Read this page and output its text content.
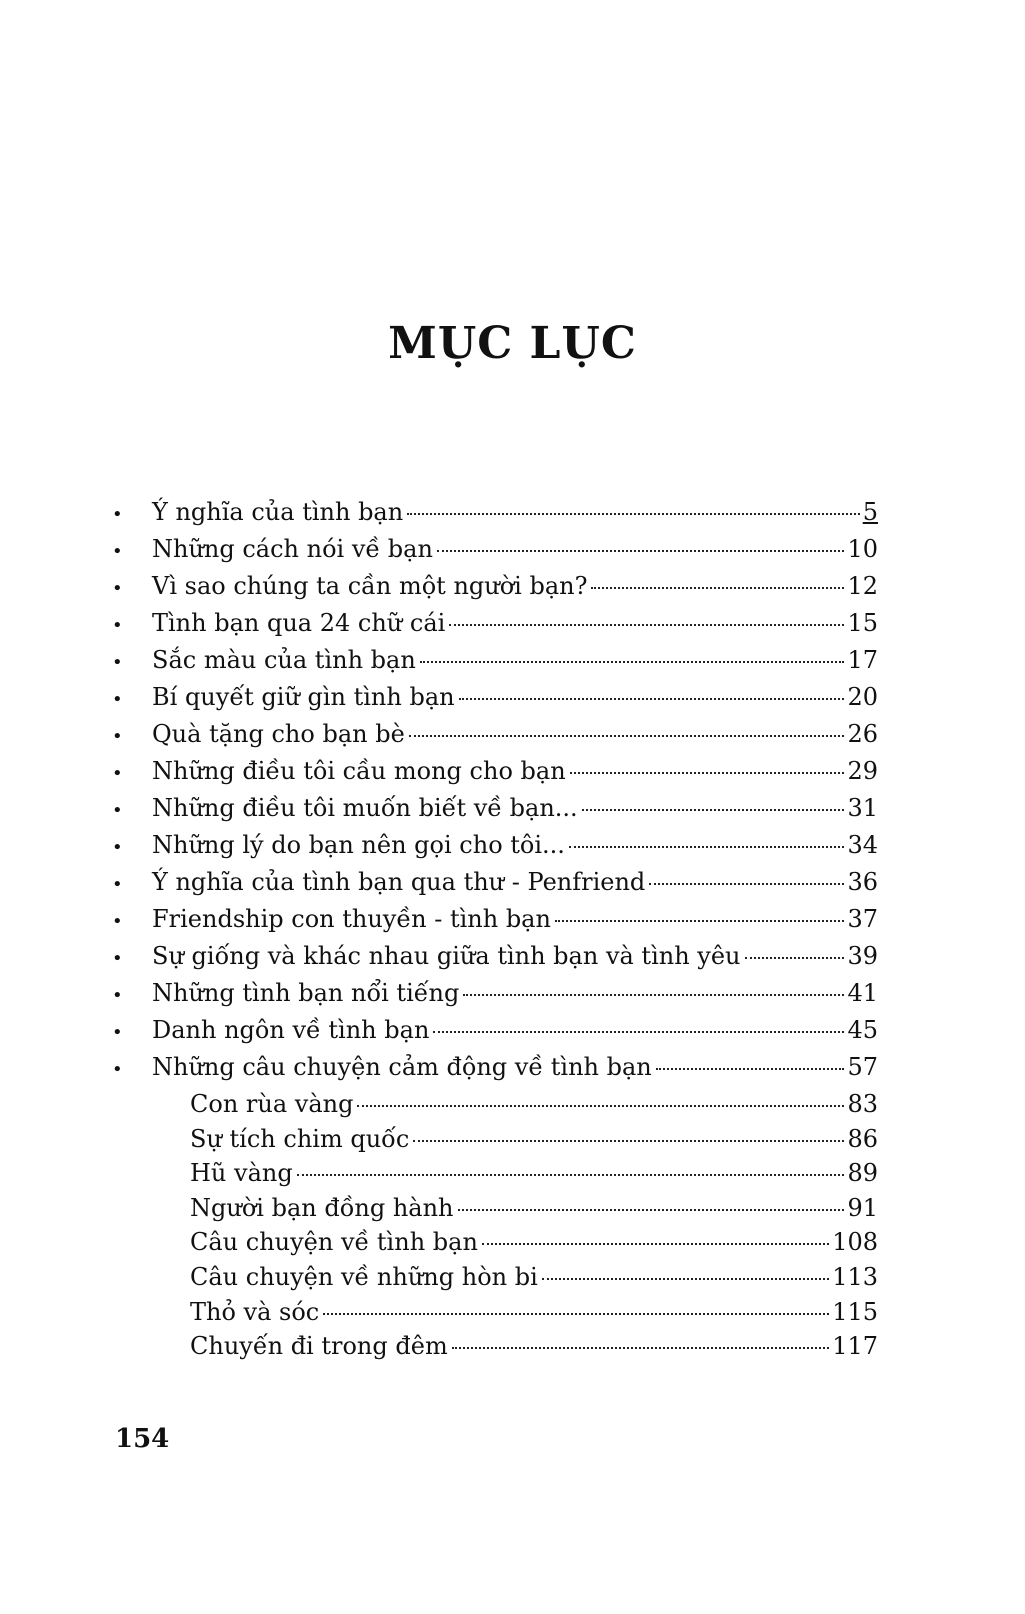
MỤC LỤC
•	Ý nghĩa của tình bạn	5
•	Những cách nói về bạn	10
•	Vì sao chúng ta cần một người bạn?	12
•	Tình bạn qua 24 chữ cái	15
•	Sắc màu của tình bạn	17
•	Bí quyết giữ gìn tình bạn	20
•	Quà tặng cho bạn bè	26
•	Những điều tôi cầu mong cho bạn	29
•	Những điều tôi muốn biết về bạn...	31
•	Những lý do bạn nên gọi cho tôi...	34
•	Ý nghĩa của tình bạn qua thư - Penfriend	36
•	Friendship con thuyền - tình bạn	37
•	Sự giống và khác nhau giữa tình bạn và tình yêu	39
•	Những tình bạn nổi tiếng	41
•	Danh ngôn về tình bạn	45
•	Những câu chuyện cảm động về tình bạn	57
Con rùa vàng	83
Sự tích chim quốc	86
Hũ vàng	89
Người bạn đồng hành	91
Câu chuyện về tình bạn	108
Câu chuyện về những hòn bi	113
Thỏ và sóc	115
Chuyến đi trong đêm	117
154
